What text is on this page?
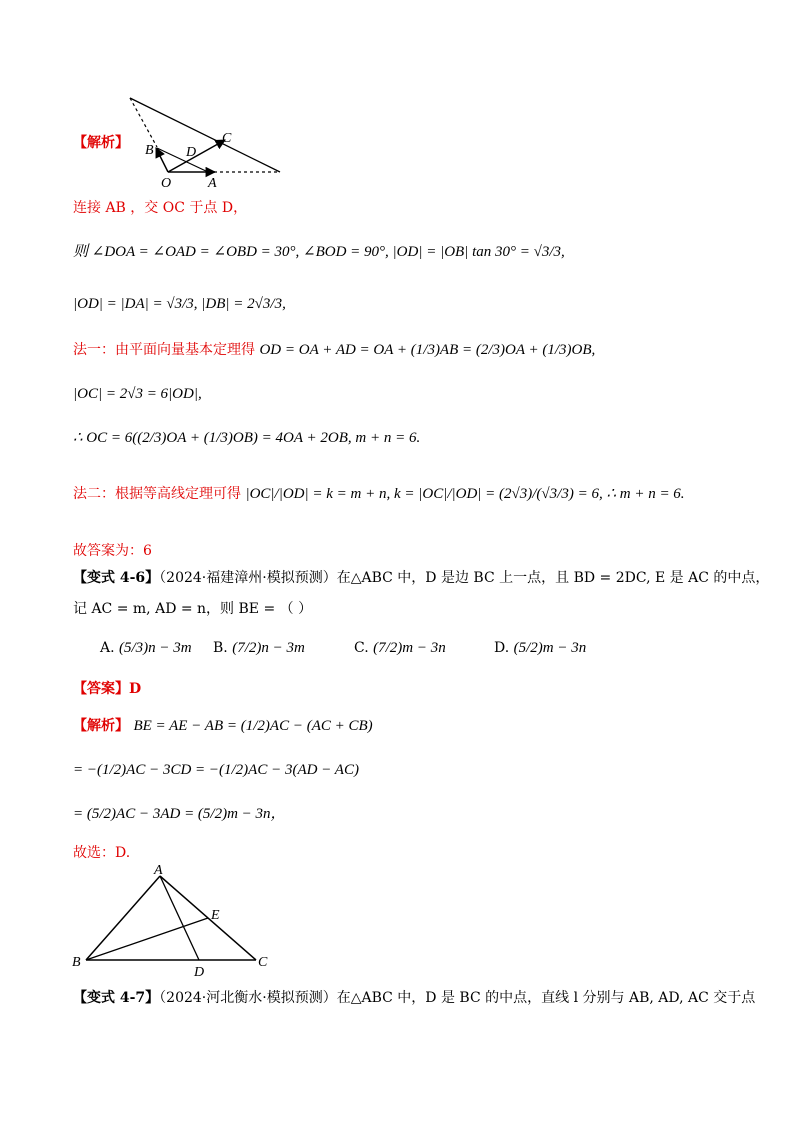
B
C
D
O	A
【解析】
连接 AB ，交 OC 于点 D，
则 ∠DOA = ∠OAD = ∠OBD = 30°, ∠BOD = 90°, |OD| = |OB| tan 30° = √3/3,
|OD| = |DA| = √3/3, |DB| = 2√3/3,
法一：由平面向量基本定理得 OD = OA + AD = OA + (1/3)AB = (2/3)OA + (1/3)OB,
|OC| = 2√3 = 6|OD|,
∴ OC = 6((2/3)OA + (1/3)OB) = 4OA + 2OB, m + n = 6.
法二：根据等高线定理可得 |OC|/|OD| = k = m + n, k = |OC|/|OD| = (2√3)/(√3/3) = 6, ∴ m + n = 6.
故答案为：6
【变式 4-6】（2024·福建漳州·模拟预测）在△ABC 中，D 是边 BC 上一点，且 BD = 2DC, E 是 AC 的中点，
记 AC = m, AD = n，则 BE = （ ）
A. (5/3)n − 3m B. (7/2)n − 3m	C. (7/2)m − 3n	D. (5/2)m − 3n
【答案】D
【解析】 BE = AE − AB = (1/2)AC − (AC + CB)
= −(1/2)AC − 3CD = −(1/2)AC − 3(AD − AC)
= (5/2)AC − 3AD = (5/2)m − 3n，
故选：D.
A
B	C
D
E
【变式 4-7】（2024·河北衡水·模拟预测）在△ABC 中，D 是 BC 的中点，直线 l 分别与 AB, AD, AC 交于点
